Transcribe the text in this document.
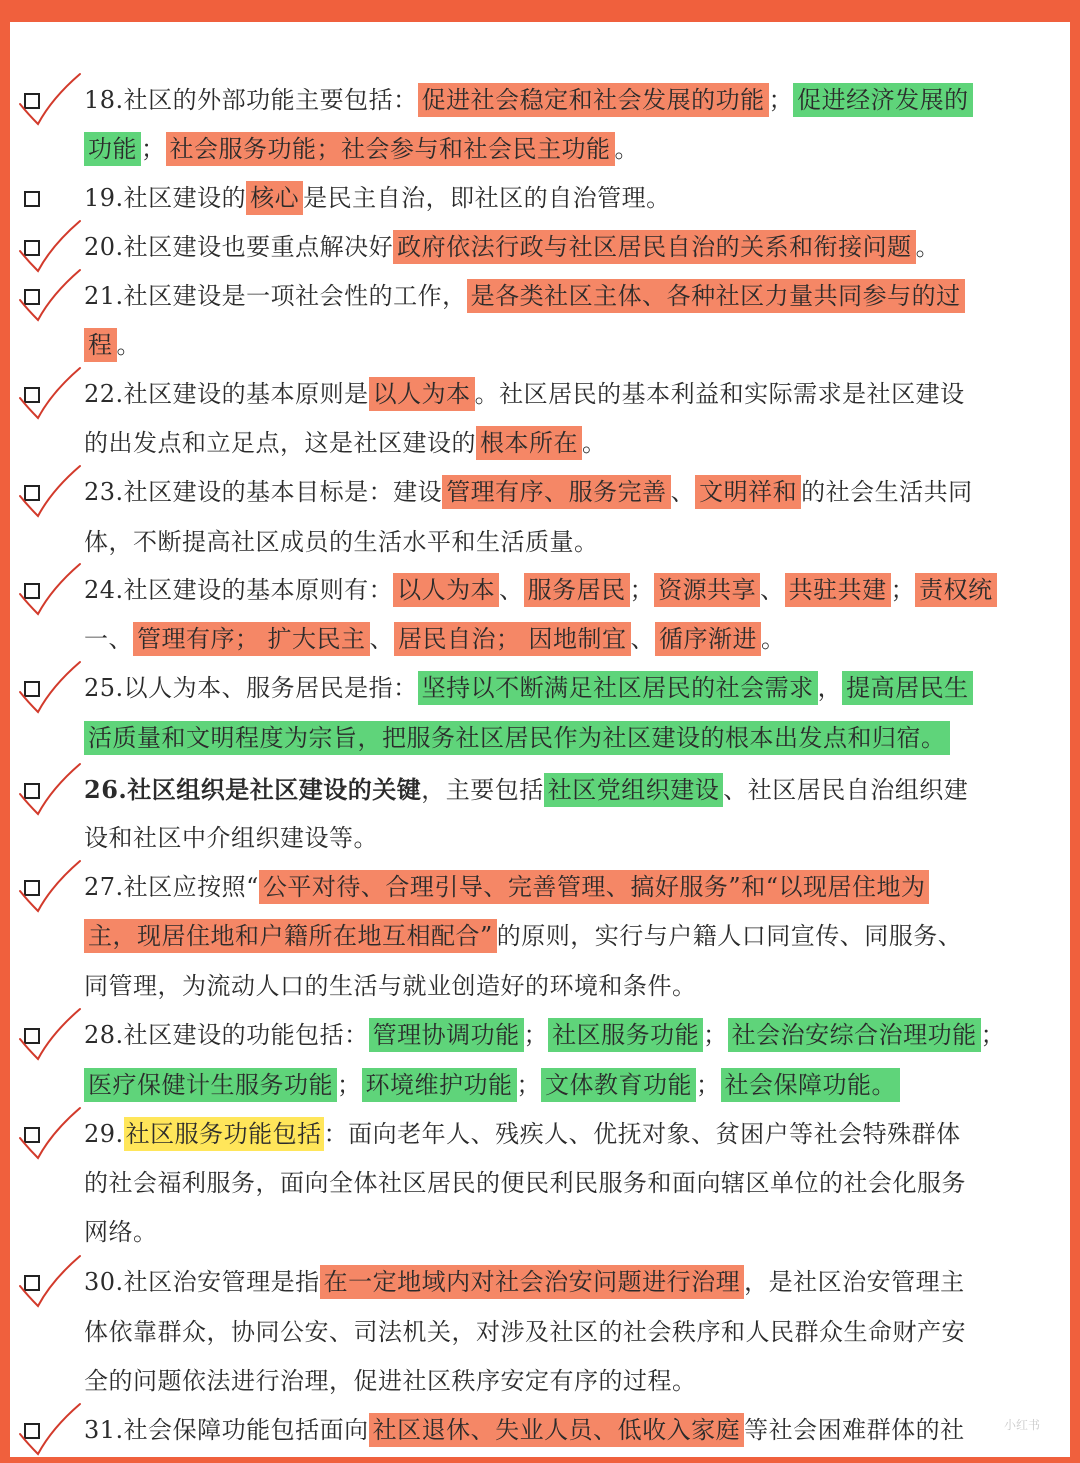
18.社区的外部功能主要包括： 促进社会稳定和社会发展的功能 ； 促进经济发展的
功能 ； 社会服务功能；社会参与和社会民主功能 。
19.社区建设的 核心 是民主自治，即社区的自治管理。
20.社区建设也要重点解决好 政府依法行政与社区居民自治的关系和衔接问题 。
21.社区建设是一项社会性的工作， 是各类社区主体、各种社区力量共同参与的过
程 。
22.社区建设的基本原则是 以人为本 。社区居民的基本利益和实际需求是社区建设
的出发点和立足点，这是社区建设的 根本所在 。
23.社区建设的基本目标是：建设 管理有序、服务完善 、 文明祥和 的社会生活共同
体，不断提高社区成员的生活水平和生活质量。
24.社区建设的基本原则有： 以人为本 、 服务居民 ； 资源共享 、 共驻共建 ； 责权统
一、 管理有序； 扩大民主 、 居民自治； 因地制宜 、 循序渐进 。
25.以人为本、服务居民是指： 坚持以不断满足社区居民的社会需求 ， 提高居民生
活质量和文明程度为宗旨，把服务社区居民作为社区建设的根本出发点和归宿。
26.社区组织是社区建设的关键，主要包括 社区党组织建设 、社区居民自治组织建
设和社区中介组织建设等。
27.社区应按照“ 公平对待、合理引导、完善管理、搞好服务”和“以现居住地为
主，现居住地和户籍所在地互相配合” 的原则，实行与户籍人口同宣传、同服务、
同管理，为流动人口的生活与就业创造好的环境和条件。
28.社区建设的功能包括： 管理协调功能 ； 社区服务功能 ； 社会治安综合治理功能 ；
医疗保健计生服务功能 ； 环境维护功能 ； 文体教育功能 ； 社会保障功能。
29.社区服务功能包括：面向老年人、残疾人、优抚对象、贫困户等社会特殊群体
的社会福利服务，面向全体社区居民的便民利民服务和面向辖区单位的社会化服务
网络。
30.社区治安管理是指 在一定地域内对社会治安问题进行治理 ，是社区治安管理主
体依靠群众，协同公安、司法机关，对涉及社区的社会秩序和人民群众生命财产安
全的问题依法进行治理，促进社区秩序安定有序的过程。
31.社会保障功能包括面向 社区退休、失业人员、低收入家庭 等社会困难群体的社	小红书
